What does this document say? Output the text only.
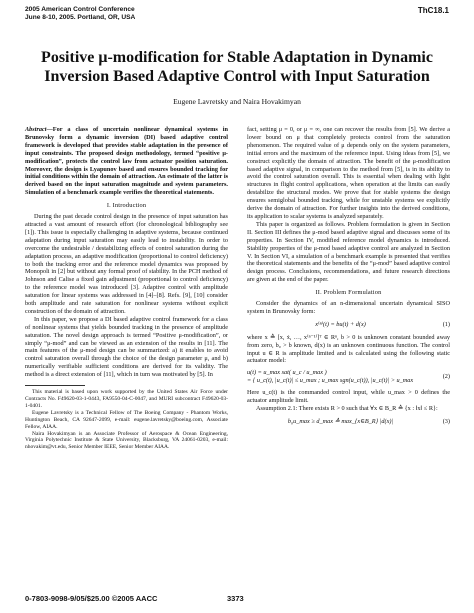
2005 American Control Conference
June 8-10, 2005. Portland, OR, USA
ThC18.1
Positive μ-modification for Stable Adaptation in Dynamic Inversion Based Adaptive Control with Input Saturation
Eugene Lavretsky and Naira Hovakimyan

Abstract—For a class of uncertain nonlinear dynamical systems in Brunovsky form a dynamic inversion (DI) based adaptive control framework is developed that provides stable adaptation in the presence of input constraints. The proposed design methodology, termed “positive μ-modification”, protects the control law from actuator position saturation. Moreover, the design is Lyapunov based and ensures bounded tracking for initial conditions within the domain of attraction. An estimate of the latter is derived based on the input saturation magnitude and system parameters. Simulation of a benchmark example verifies the theoretical statements.

I. Introduction

During the past decade control design in the presence of input saturation has attracted a vast amount of research effort (for chronological bibliography see [1]). This issue is especially challenging in adaptive systems, because continued adaptation during input saturation may easily lead to instability. In order to overcome the undesirable / destabilizing effects of control saturation during the adaptation process, an adaptive modification (proportional to control deficiency) to both the tracking error and the reference model dynamics was proposed by Monopoli in [2] but without any formal proof of stability. In the PCH method of Johnson and Calise a fixed gain adjustment (proportional to control deficiency) to the reference model was introduced [3]. Adaptive control with amplitude saturation for linear systems was addressed in [4]–[8]. Refs. [9], [10] consider both amplitude and rate saturation for nonlinear systems without explicit construction of the domain of attraction.

In this paper, we propose a DI based adaptive control framework for a class of nonlinear systems that yields bounded tracking in the presence of amplitude saturation. The novel design approach is termed “Positive μ-modification”, or simply “μ-mod” and can be viewed as an extension of the results in [11]. The main features of the μ-mod design can be summarized: a) it enables to avoid control saturation overall through the choice of the design parameter μ, and b) numerically verifiable sufficient conditions are derived for its validity. The method is a direct extension of [11], which in turn was motivated by [5]. In

This material is based upon work supported by the United States Air Force under Contracts No. F49620-03-1-0443, FA9550-04-C-0047, and MURI subcontract F49620-03-1-0401.

Eugene Lavretsky is a Technical Fellow of The Boeing Company - Phantom Works, Huntington Beach, CA 92647-2099, e-mail: eugene.lavretsky@boeing.com, Associate Fellow, AIAA.

Naira Hovakimyan is an Associate Professor of Aerospace & Ocean Engineering, Virginia Polytechnic Institute & State University, Blacksburg, VA 24061-0203, e-mail: nhovakim@vt.edu, Senior Member IEEE, Senior Member AIAA.

fact, setting μ = 0, or μ = ∞, one can recover the results from [5]. We derive a lower bound on μ that completely protects control from the saturation phenomenon. The required value of μ depends only on the system parameters, initial errors and the maximum of the reference input. Using ideas from [5], we construct explicitly the domain of attraction. The benefit of the μ-modification based adaptive signal, in comparison to the method from [5], is in its ability to avoid the control saturation overall. This is essential when dealing with light structures in flight control applications, when operation at the limits can easily destabilize the structural modes. We prove that for stable systems the design ensures semiglobal bounded tracking, while for unstable systems we explicitly derive the domain of attraction. For further insights into the derived conditions, its application to scalar systems is analyzed separately.

This paper is organized as follows. Problem formulation is given in Section II. Section III defines the μ-mod based adaptive signal and discusses some of its properties. In Section IV, modified reference model dynamics is introduced. Stability properties of the μ-mod based adaptive control are analyzed in Section V. In Section VI, a simulation of a benchmark example is presented that verifies the theoretical statements and the benefits of the “μ-mod” based adaptive control design process. Conclusions, recommendations, and future research directions are given at the end of the paper.

II. Problem Formulation

Consider the dynamics of an n-dimensional uncertain dynamical SISO system in Brunovsky form:

x⁽ⁿ⁾(t) = bu(t) + d(x)	(1)

where x ≙ [x, ẋ, …, x⁽ⁿ⁻¹⁾]ᵀ ∈ Rⁿ, b > 0 is unknown constant bounded away from zero, b₀ > b known, d(x) is an unknown continuous function. The control input u ∈ R is amplitude limited and is calculated using the following static actuator model:

u(t) = u_max sat( u_c / u_max )
= { u_c(t), |u_c(t)| ≤ u_max ; u_max sgn(u_c(t)), |u_c(t)| > u_max
(2)

Here u_c(t) is the commanded control input, while u_max > 0 defines the actuator amplitude limit.

Assumption 2.1: There exists R > 0 such that ∀x ∈ B_R ≙ {x : ‖x‖ ≤ R}:

b₀u_max ≥ d_max ≙ max_{x∈B_R} |d(x)|	(3)
0-7803-9098-9/05/$25.00 ©2005 AACC	3373
